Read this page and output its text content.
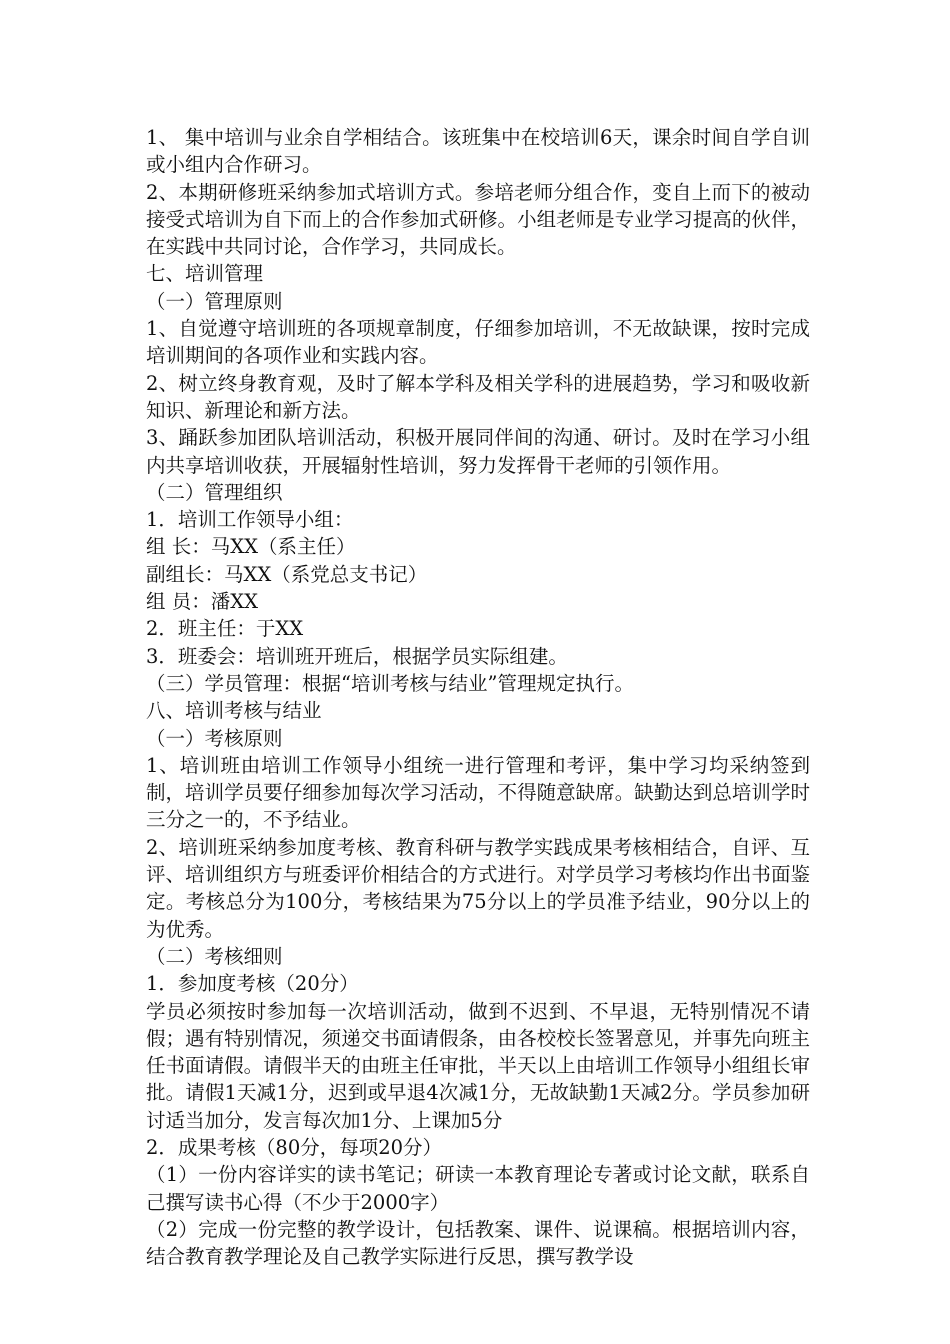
1、 集中培训与业余自学相结合。该班集中在校培训6天，课余时间自学自训或小组内合作研习。

2、本期研修班采纳参加式培训方式。参培老师分组合作，变自上而下的被动接受式培训为自下而上的合作参加式研修。小组老师是专业学习提高的伙伴，在实践中共同讨论，合作学习，共同成长。

七、培训管理

（一）管理原则

1、自觉遵守培训班的各项规章制度，仔细参加培训，不无故缺课，按时完成培训期间的各项作业和实践内容。

2、树立终身教育观，及时了解本学科及相关学科的进展趋势，学习和吸收新知识、新理论和新方法。

3、踊跃参加团队培训活动，积极开展同伴间的沟通、研讨。及时在学习小组内共享培训收获，开展辐射性培训，努力发挥骨干老师的引领作用。

（二）管理组织

1．培训工作领导小组：

组 长：马XX（系主任）

副组长：马XX（系党总支书记）

组 员：潘XX

2．班主任：于XX

3．班委会：培训班开班后，根据学员实际组建。

（三）学员管理：根据“培训考核与结业”管理规定执行。

八、培训考核与结业

（一）考核原则

1、培训班由培训工作领导小组统一进行管理和考评，集中学习均采纳签到制，培训学员要仔细参加每次学习活动，不得随意缺席。缺勤达到总培训学时三分之一的，不予结业。

2、培训班采纳参加度考核、教育科研与教学实践成果考核相结合，自评、互评、培训组织方与班委评价相结合的方式进行。对学员学习考核均作出书面鉴定。考核总分为100分，考核结果为75分以上的学员准予结业，90分以上的为优秀。

（二）考核细则

1．参加度考核（20分）

学员必须按时参加每一次培训活动，做到不迟到、不早退，无特别情况不请假；遇有特别情况，须递交书面请假条，由各校校长签署意见，并事先向班主任书面请假。请假半天的由班主任审批，半天以上由培训工作领导小组组长审批。请假1天减1分，迟到或早退4次减1分，无故缺勤1天减2分。学员参加研讨适当加分，发言每次加1分、上课加5分

2．成果考核（80分，每项20分）

（1）一份内容详实的读书笔记；研读一本教育理论专著或讨论文献，联系自己撰写读书心得（不少于2000字）

（2）完成一份完整的教学设计，包括教案、课件、说课稿。根据培训内容，结合教育教学理论及自己教学实际进行反思，撰写教学设
